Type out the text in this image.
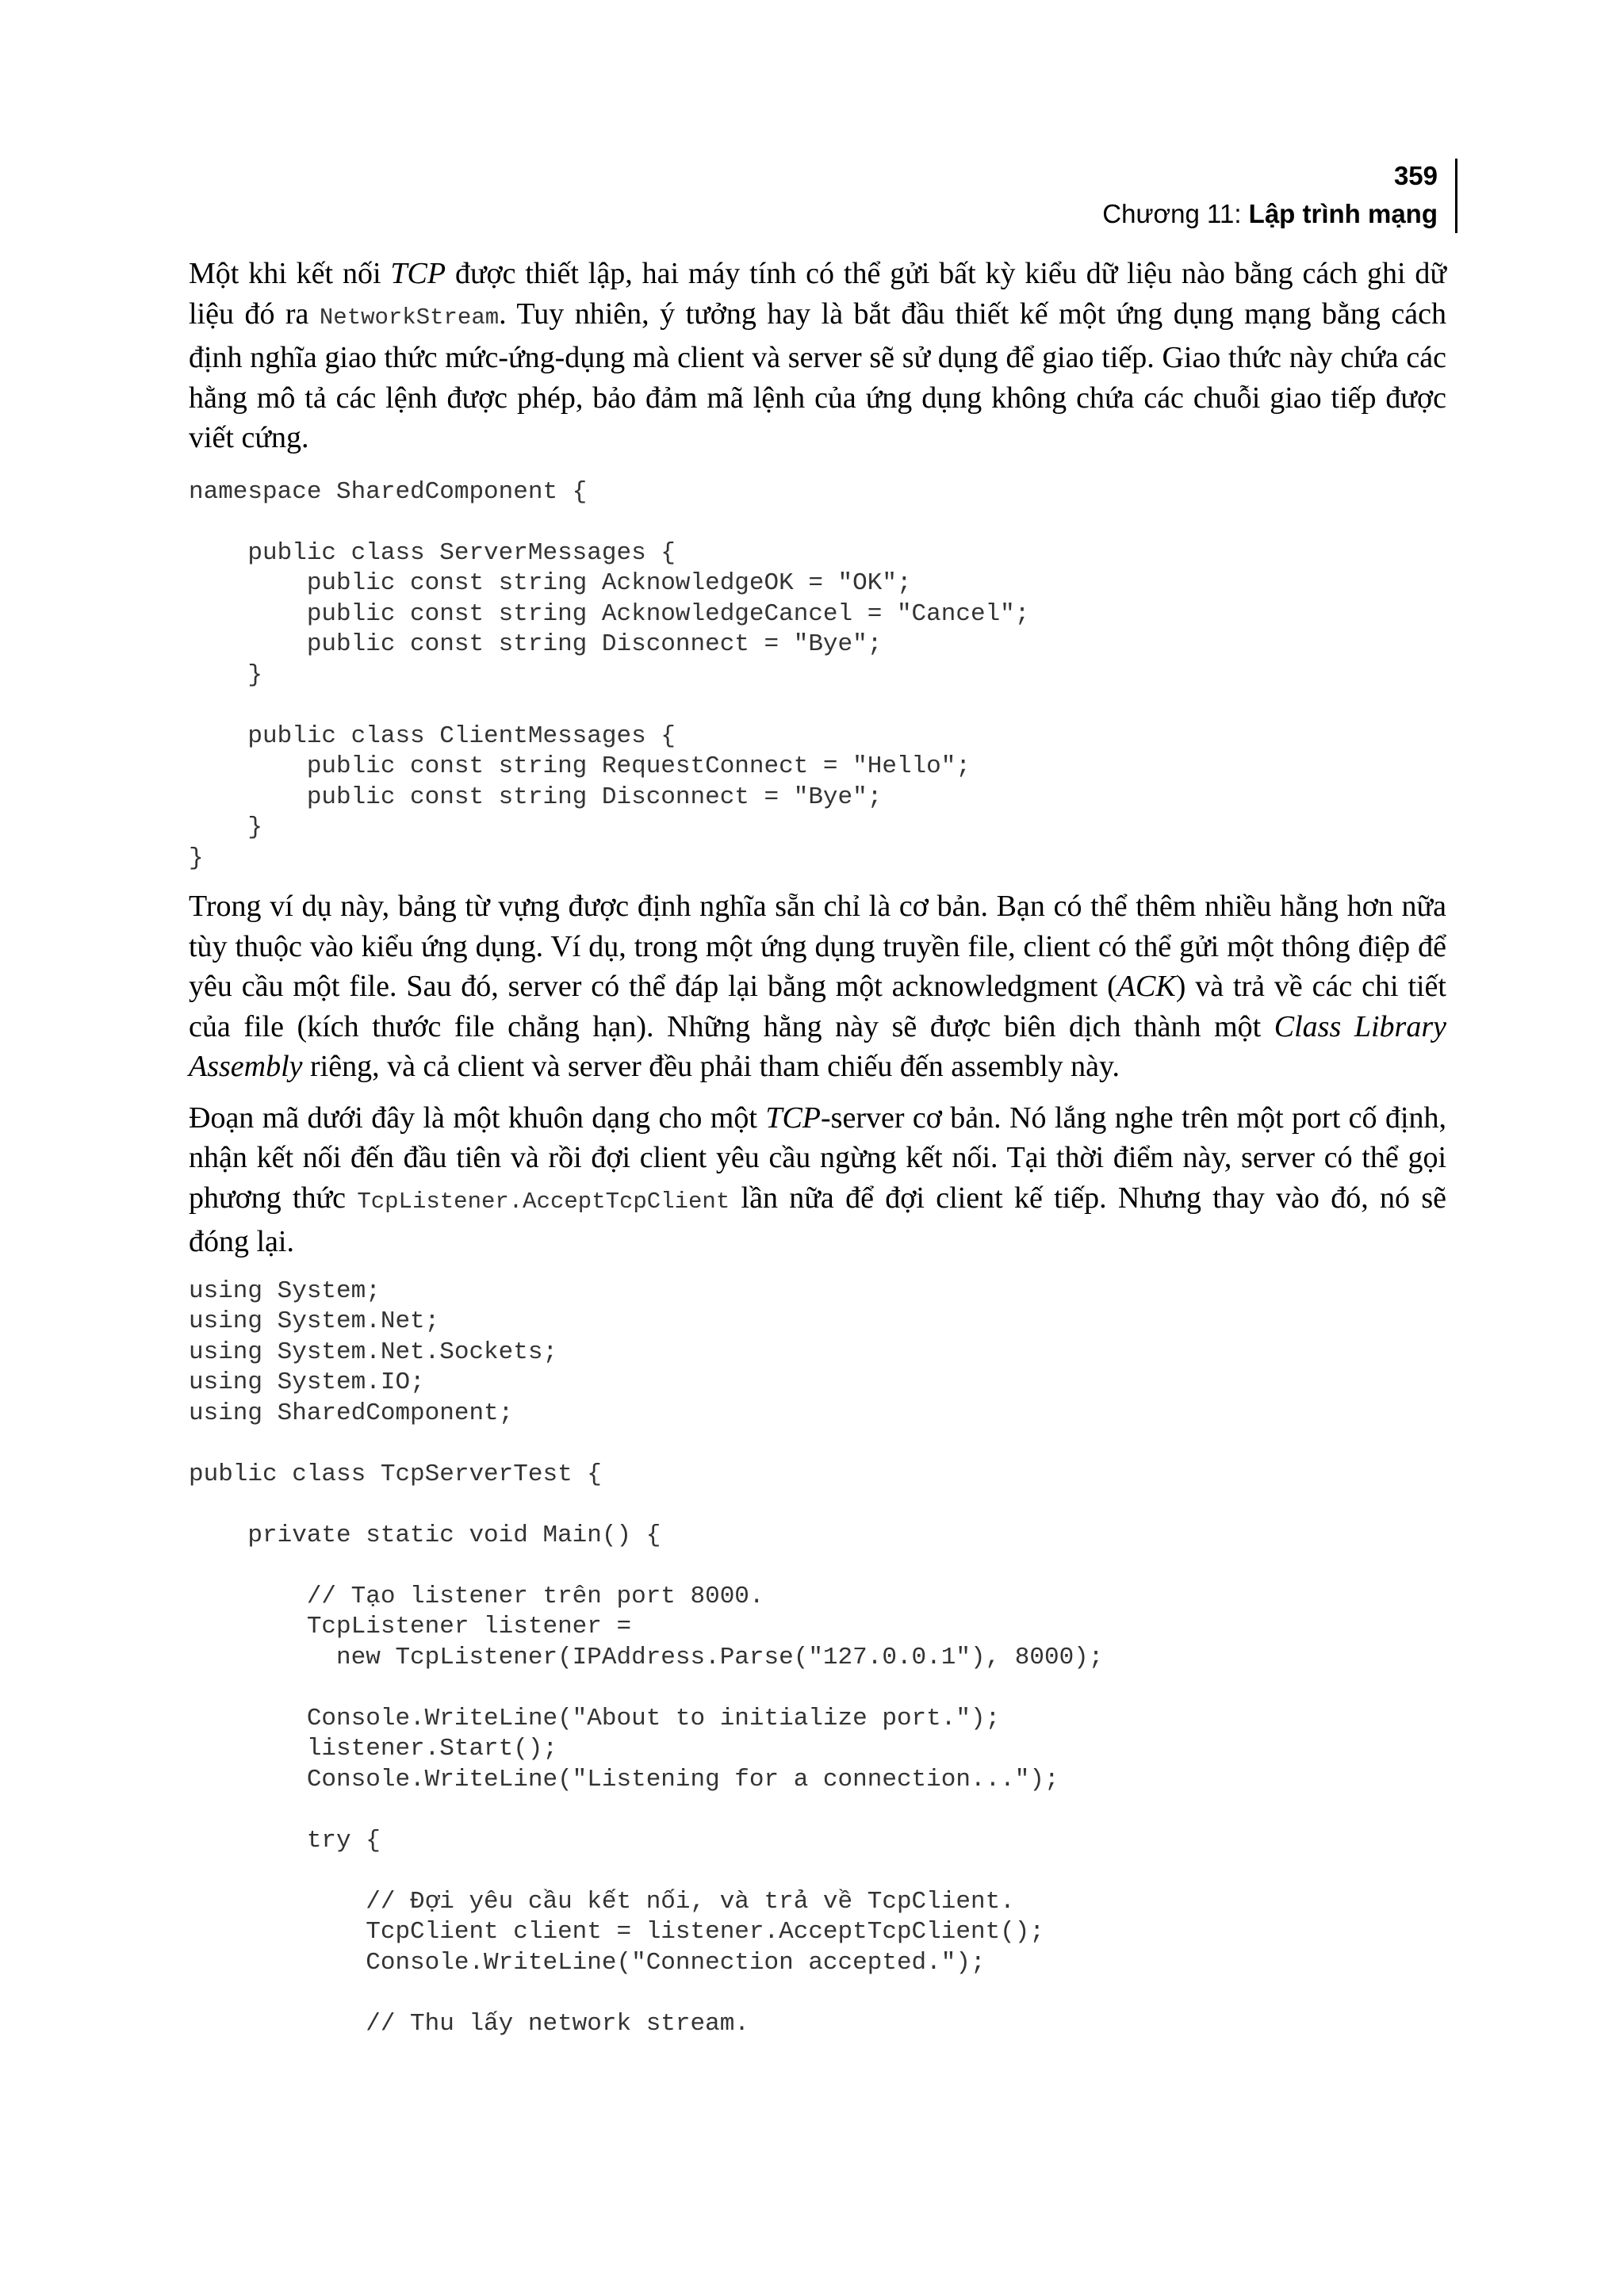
359
Chương 11: Lập trình mạng

Một khi kết nối TCP được thiết lập, hai máy tính có thể gửi bất kỳ kiểu dữ liệu nào bằng cách ghi dữ liệu đó ra NetworkStream. Tuy nhiên, ý tưởng hay là bắt đầu thiết kế một ứng dụng mạng bằng cách định nghĩa giao thức mức-ứng-dụng mà client và server sẽ sử dụng để giao tiếp. Giao thức này chứa các hằng mô tả các lệnh được phép, bảo đảm mã lệnh của ứng dụng không chứa các chuỗi giao tiếp được viết cứng.

namespace SharedComponent {

public class ServerMessages {
public const string AcknowledgeOK = "OK";
public const string AcknowledgeCancel = "Cancel";
public const string Disconnect = "Bye";
}

public class ClientMessages {
public const string RequestConnect = "Hello";
public const string Disconnect = "Bye";
}
}

Trong ví dụ này, bảng từ vựng được định nghĩa sẵn chỉ là cơ bản. Bạn có thể thêm nhiều hằng hơn nữa tùy thuộc vào kiểu ứng dụng. Ví dụ, trong một ứng dụng truyền file, client có thể gửi một thông điệp để yêu cầu một file. Sau đó, server có thể đáp lại bằng một acknowledgment (ACK) và trả về các chi tiết của file (kích thước file chẳng hạn). Những hằng này sẽ được biên dịch thành một Class Library Assembly riêng, và cả client và server đều phải tham chiếu đến assembly này.

Đoạn mã dưới đây là một khuôn dạng cho một TCP-server cơ bản. Nó lắng nghe trên một port cố định, nhận kết nối đến đầu tiên và rồi đợi client yêu cầu ngừng kết nối. Tại thời điểm này, server có thể gọi phương thức TcpListener.AcceptTcpClient lần nữa để đợi client kế tiếp. Nhưng thay vào đó, nó sẽ đóng lại.

using System;
using System.Net;
using System.Net.Sockets;
using System.IO;
using SharedComponent;

public class TcpServerTest {

private static void Main() {

// Tạo listener trên port 8000.
TcpListener listener =
new TcpListener(IPAddress.Parse("127.0.0.1"), 8000);

Console.WriteLine("About to initialize port.");
listener.Start();
Console.WriteLine("Listening for a connection...");

try {

// Đợi yêu cầu kết nối, và trả về TcpClient.
TcpClient client = listener.AcceptTcpClient();
Console.WriteLine("Connection accepted.");

// Thu lấy network stream.
